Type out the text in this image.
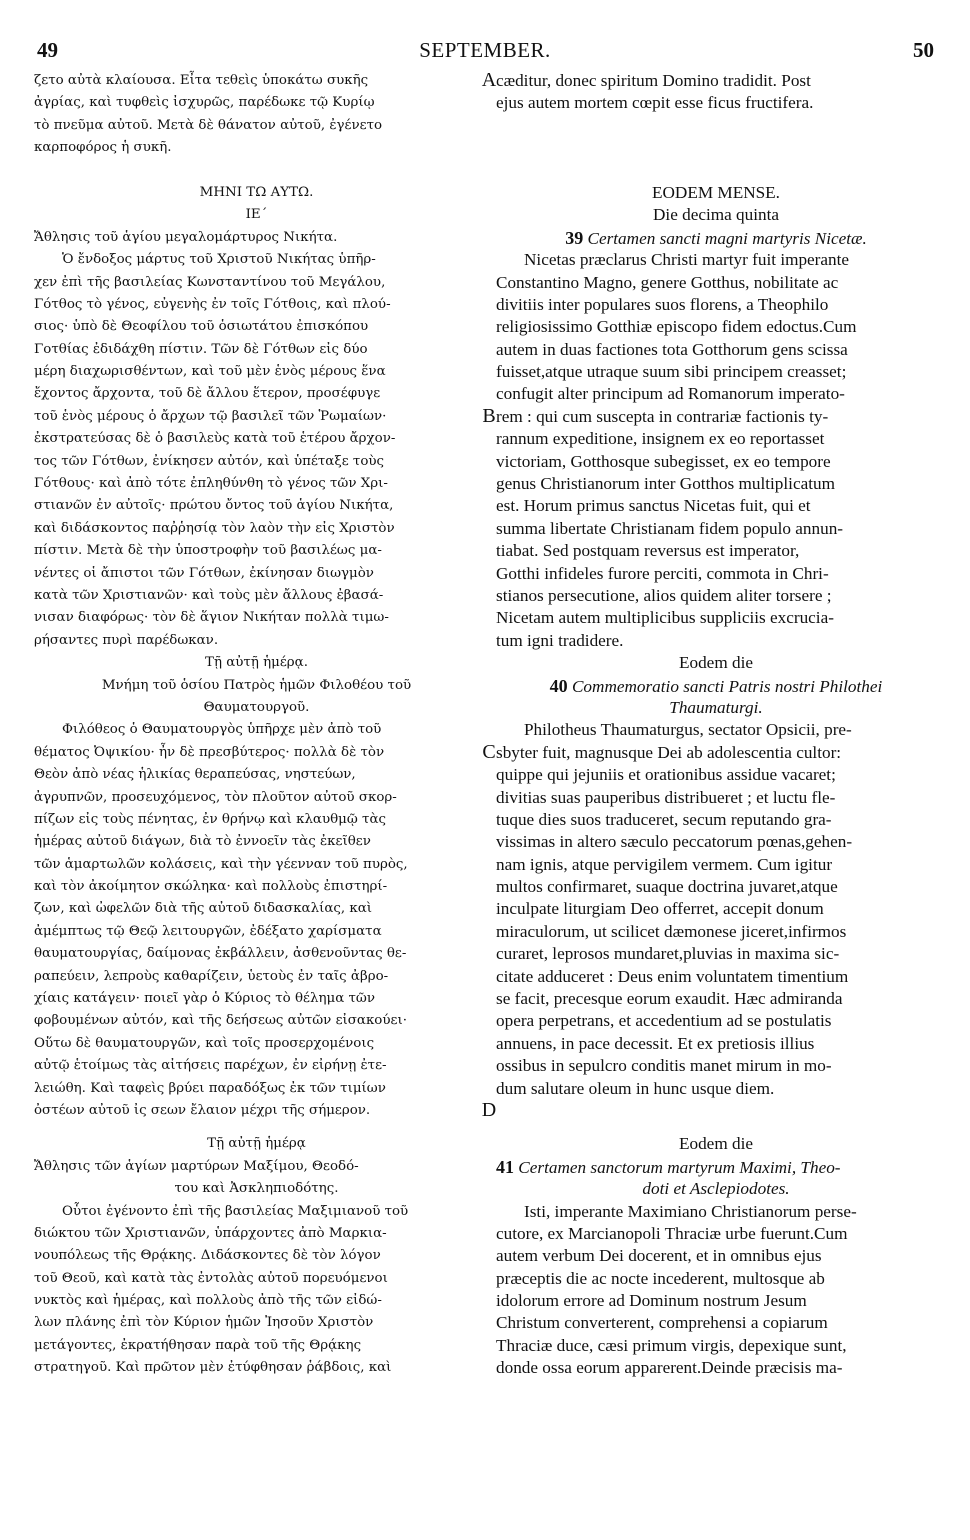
SEPTEMBER.
49	50
ζετο αὐτὰ κλαίουσα. Εἶτα τεθεὶς ὑποκάτω συκῆς
ἀγρίας, καὶ τυφθεὶς ἰσχυρῶς, παρέδωκε τῷ Κυρίῳ
τὸ πνεῦμα αὐτοῦ. Μετὰ δὲ θάνατον αὐτοῦ, ἐγένετο
καρποφόρος ἡ συκῆ.
ΜΗΝΙ ΤΩ ΑΥΤΩ.
ΙΕ΄
Ἄθλησις τοῦ ἁγίου μεγαλομάρτυρος Νικήτα.
Ὁ ἔνδοξος μάρτυς τοῦ Χριστοῦ Νικήτας ὑπῆρ-
χεν ἐπὶ τῆς βασιλείας Κωνσταντίνου τοῦ Μεγάλου,
Γότθος τὸ γένος, εὐγενὴς ἐν τοῖς Γότθοις, καὶ πλού-
σιος· ὑπὸ δὲ Θεοφίλου τοῦ ὁσιωτάτου ἐπισκόπου
Γοτθίας ἐδιδάχθη πίστιν. Τῶν δὲ Γότθων εἰς δύο
μέρη διαχωρισθέντων, καὶ τοῦ μὲν ἑνὸς μέρους ἕνα
ἔχοντος ἄρχοντα, τοῦ δὲ ἄλλου ἕτερον, προσέφυγε
τοῦ ἑνὸς μέρους ὁ ἄρχων τῷ βασιλεῖ τῶν Ῥωμαίων·
ἐκστρατεύσας δὲ ὁ βασιλεὺς κατὰ τοῦ ἑτέρου ἄρχον-
τος τῶν Γότθων, ἐνίκησεν αὐτόν, καὶ ὑπέταξε τοὺς
Γότθους· καὶ ἀπὸ τότε ἐπληθύνθη τὸ γένος τῶν Χρι-
στιανῶν ἐν αὐτοῖς· πρώτου ὄντος τοῦ ἁγίου Νικήτα,
καὶ διδάσκοντος παῤῥησίᾳ τὸν λαὸν τὴν εἰς Χριστὸν
πίστιν. Μετὰ δὲ τὴν ὑποστροφὴν τοῦ βασιλέως μα-
νέντες οἱ ἄπιστοι τῶν Γότθων, ἐκίνησαν διωγμὸν
κατὰ τῶν Χριστιανῶν· καὶ τοὺς μὲν ἄλλους ἐβασά-
νισαν διαφόρως· τὸν δὲ ἅγιον Νικήταν πολλὰ τιμω-
ρήσαντες πυρὶ παρέδωκαν.
Τῇ αὐτῇ ἡμέρᾳ.
Μνήμη τοῦ ὁσίου Πατρὸς ἡμῶν Φιλοθέου τοῦ
Θαυματουργοῦ.
Φιλόθεος ὁ Θαυματουργὸς ὑπῆρχε μὲν ἀπὸ τοῦ
θέματος Ὀψικίου· ἦν δὲ πρεσβύτερος· πολλὰ δὲ τὸν
Θεὸν ἀπὸ νέας ἡλικίας θεραπεύσας, νηστεύων,
ἀγρυπνῶν, προσευχόμενος, τὸν πλοῦτον αὐτοῦ σκορ-
πίζων εἰς τοὺς πένητας, ἐν θρήνῳ καὶ κλαυθμῷ τὰς
ἡμέρας αὐτοῦ διάγων, διὰ τὸ ἐννοεῖν τὰς ἐκεῖθεν
τῶν ἁμαρτωλῶν κολάσεις, καὶ τὴν γέενναν τοῦ πυρὸς,
καὶ τὸν ἀκοίμητον σκώληκα· καὶ πολλοὺς ἐπιστηρί-
ζων, καὶ ὠφελῶν διὰ τῆς αὐτοῦ διδασκαλίας, καὶ
ἀμέμπτως τῷ Θεῷ λειτουργῶν, ἐδέξατο χαρίσματα
θαυματουργίας, δαίμονας ἐκβάλλειν, ἀσθενοῦντας θε-
ραπεύειν, λεπροὺς καθαρίζειν, ὑετοὺς ἐν ταῖς ἀβρο-
χίαις κατάγειν· ποιεῖ γὰρ ὁ Κύριος τὸ θέλημα τῶν
φοβουμένων αὐτόν, καὶ τῆς δεήσεως αὐτῶν εἰσακούει·
Οὕτω δὲ θαυματουργῶν, καὶ τοῖς προσερχομένοις
αὐτῷ ἑτοίμως τὰς αἰτήσεις παρέχων, ἐν εἰρήνῃ ἐτε-
λειώθη. Καὶ ταφεὶς βρύει παραδόξως ἐκ τῶν τιμίων
ὀστέων αὐτοῦ ἰς σεων ἔλαιον μέχρι τῆς σήμερον.
Τῇ αὐτῇ ἡμέρᾳ
Ἄθλησις τῶν ἁγίων μαρτύρων Μαξίμου, Θεοδό-
του καὶ Ἀσκληπιοδότης.
Οὗτοι ἐγένοντο ἐπὶ τῆς βασιλείας Μαξιμιανοῦ τοῦ
διώκτου τῶν Χριστιανῶν, ὑπάρχοντες ἀπὸ Μαρκια-
νουπόλεως τῆς Θρᾴκης. Διδάσκοντες δὲ τὸν λόγον
τοῦ Θεοῦ, καὶ κατὰ τὰς ἐντολὰς αὐτοῦ πορευόμενοι
νυκτὸς καὶ ἡμέρας, καὶ πολλοὺς ἀπὸ τῆς τῶν εἰδώ-
λων πλάνης ἐπὶ τὸν Κύριον ἡμῶν Ἰησοῦν Χριστὸν
μετάγοντες, ἐκρατήθησαν παρὰ τοῦ τῆς Θρᾴκης
στρατηγοῦ. Καὶ πρῶτον μὲν ἐτύφθησαν ῥάβδοις, καὶ
cæditur, donec spiritum Domino tradidit. Post
ejus autem mortem cœpit esse ficus fructifera.
EODEM MENSE.
Die decima quinta
39 Certamen sancti magni martyris Nicetæ.
Nicetas præclarus Christi martyr fuit imperante
Constantino Magno, genere Gotthus, nobilitate ac
divitiis inter populares suos florens, a Theophilo
religiosissimo Gotthiæ episcopo fidem edoctus.Cum
autem in duas factiones tota Gotthorum gens scissa
fuisset,atque utraque suum sibi principem creasset;
confugit alter principum ad Romanorum imperato-
rem : qui cum suscepta in contrariæ factionis ty-
rannum expeditione, insignem ex eo reportasset
victoriam, Gotthosque subegisset, ex eo tempore
genus Christianorum inter Gotthos multiplicatum
est. Horum primus sanctus Nicetas fuit, qui et
summa libertate Christianam fidem populo annun-
tiabat. Sed postquam reversus est imperator,
Gotthi infideles furore perciti, commota in Chri-
stianos persecutione, alios quidem aliter torsere ;
Nicetam autem multiplicibus suppliciis excrucia-
tum igni tradidere.
Eodem die
40 Commemoratio sancti Patris nostri Philothei
Thaumaturgi.
Philotheus Thaumaturgus, sectator Opsicii, pre-
sbyter fuit, magnusque Dei ab adolescentia cultor:
quippe qui jejuniis et orationibus assidue vacaret;
divitias suas pauperibus distribueret ; et luctu fle-
tuque dies suos traduceret, secum reputando gra-
vissimas in altero sæculo peccatorum pœnas,gehen-
nam ignis, atque pervigilem vermem. Cum igitur
multos confirmaret, suaque doctrina juvaret,atque
inculpate liturgiam Deo offerret, accepit donum
miraculorum, ut scilicet dæmonese jiceret,infirmos
curaret, leprosos mundaret,pluvias in maxima sic-
citate adduceret : Deus enim voluntatem timentium
se facit, precesque eorum exaudit. Hæc admiranda
opera perpetrans, et accedentium ad se postulatis
annuens, in pace decessit. Et ex pretiosis illius
ossibus in sepulcro conditis manet mirum in mo-
dum salutare oleum in hunc usque diem.
Eodem die
41 Certamen sanctorum martyrum Maximi, Theo-
doti et Asclepiodotes.
Isti, imperante Maximiano Christianorum perse-
cutore, ex Marcianopoli Thraciæ urbe fuerunt.Cum
autem verbum Dei docerent, et in omnibus ejus
præceptis die ac nocte incederent, multosque ab
idolorum errore ad Dominum nostrum Jesum
Christum converterent, comprehensi a copiarum
Thraciæ duce, cæsi primum virgis, depexique sunt,
donde ossa eorum apparerent.Deinde præcisis ma-
A
B
C
D
